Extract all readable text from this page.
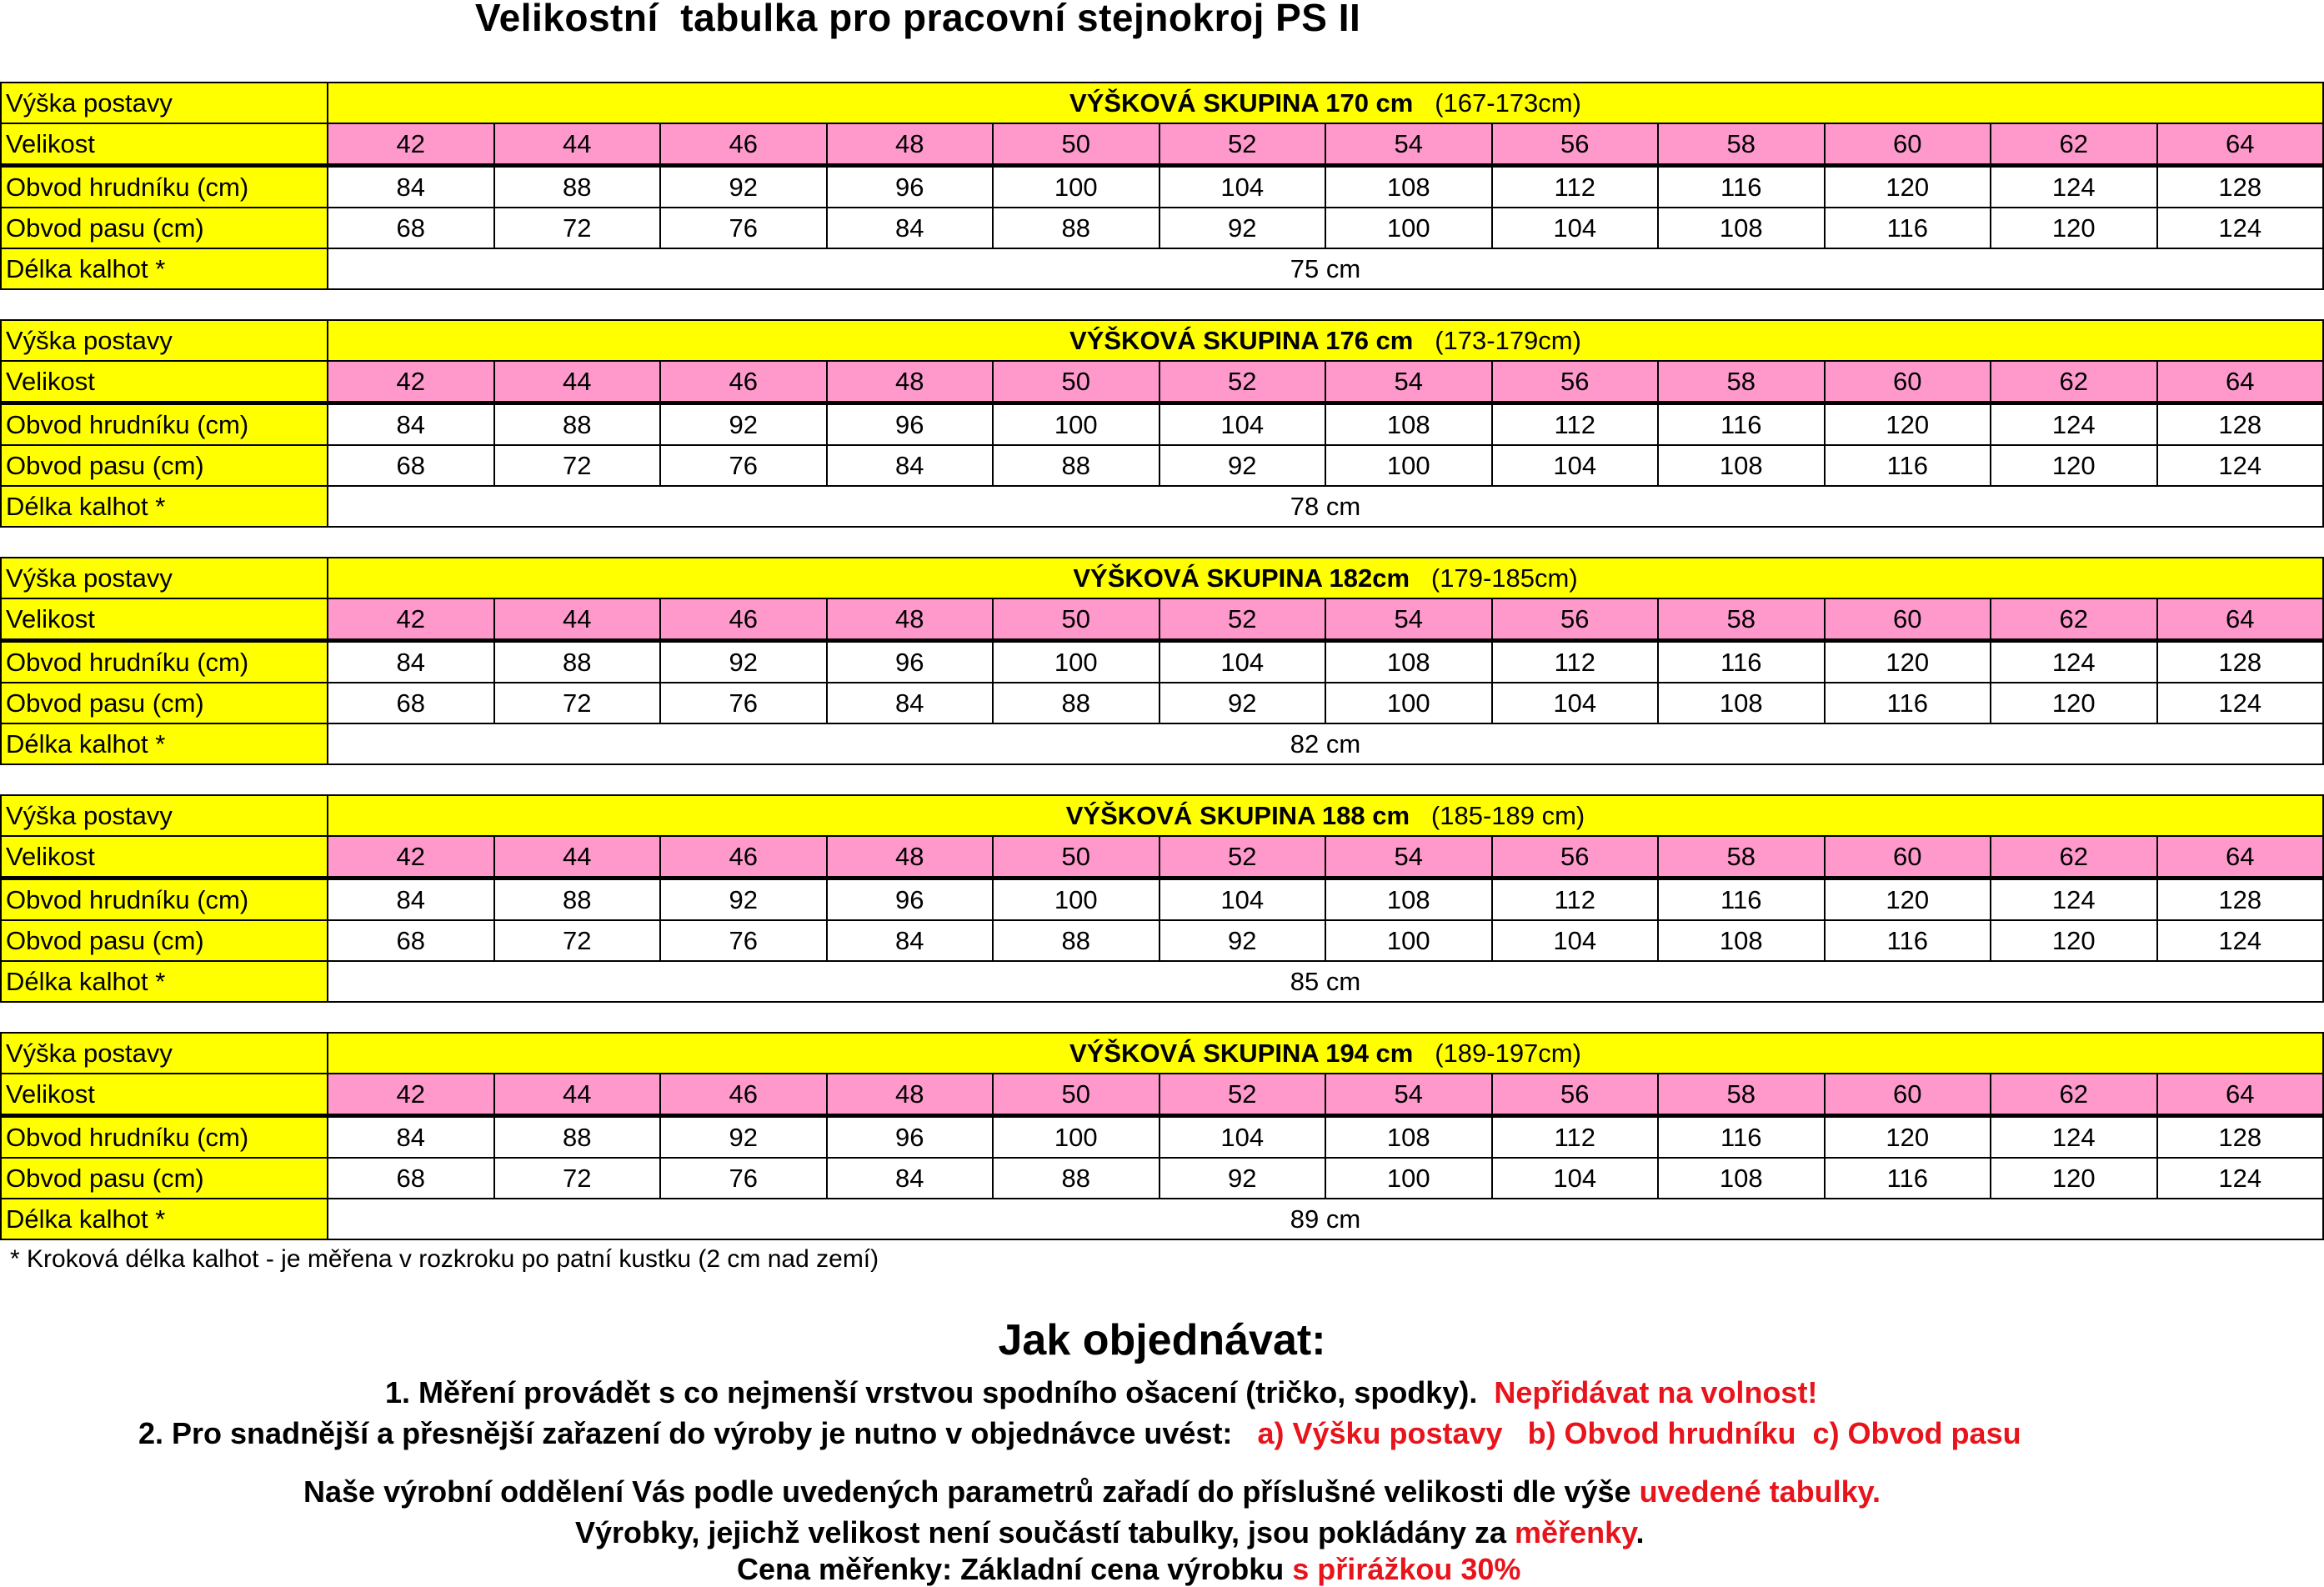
Velikostní  tabulka pro pracovní stejnokroj PS II
Výška postavy	VÝŠKOVÁ SKUPINA 170 cm (167-173cm)											
Velikost	42	44	46	48	50	52	54	56	58	60	62	64
Obvod hrudníku (cm)	84	88	92	96	100	104	108	112	116	120	124	128
Obvod pasu (cm)	68	72	76	84	88	92	100	104	108	116	120	124
Délka kalhot *	75 cm											
Výška postavy	VÝŠKOVÁ SKUPINA 176 cm (173-179cm)											
Velikost	42	44	46	48	50	52	54	56	58	60	62	64
Obvod hrudníku (cm)	84	88	92	96	100	104	108	112	116	120	124	128
Obvod pasu (cm)	68	72	76	84	88	92	100	104	108	116	120	124
Délka kalhot *	78 cm											
Výška postavy	VÝŠKOVÁ SKUPINA 182cm (179-185cm)											
Velikost	42	44	46	48	50	52	54	56	58	60	62	64
Obvod hrudníku (cm)	84	88	92	96	100	104	108	112	116	120	124	128
Obvod pasu (cm)	68	72	76	84	88	92	100	104	108	116	120	124
Délka kalhot *	82 cm											
Výška postavy	VÝŠKOVÁ SKUPINA 188 cm (185-189 cm)											
Velikost	42	44	46	48	50	52	54	56	58	60	62	64
Obvod hrudníku (cm)	84	88	92	96	100	104	108	112	116	120	124	128
Obvod pasu (cm)	68	72	76	84	88	92	100	104	108	116	120	124
Délka kalhot *	85 cm											
Výška postavy	VÝŠKOVÁ SKUPINA 194 cm (189-197cm)											
Velikost	42	44	46	48	50	52	54	56	58	60	62	64
Obvod hrudníku (cm)	84	88	92	96	100	104	108	112	116	120	124	128
Obvod pasu (cm)	68	72	76	84	88	92	100	104	108	116	120	124
Délka kalhot *	89 cm											
* Kroková délka kalhot - je měřena v rozkroku po patní kustku (2 cm nad zemí)
Jak objednávat:
1. Měření provádět s co nejmenší vrstvou spodního ošacení (tričko, spodky). Nepřidávat na volnost!
2. Pro snadnější a přesnější zařazení do výroby je nutno v objednávce uvést: a) Výšku postavy   b) Obvod hrudníku  c) Obvod pasu
Naše výrobní oddělení Vás podle uvedených parametrů zařadí do příslušné velikosti dle výše uvedené tabulky.
Výrobky, jejichž velikost není součástí tabulky, jsou pokládány za měřenky.
Cena měřenky: Základní cena výrobku s přirážkou 30%
